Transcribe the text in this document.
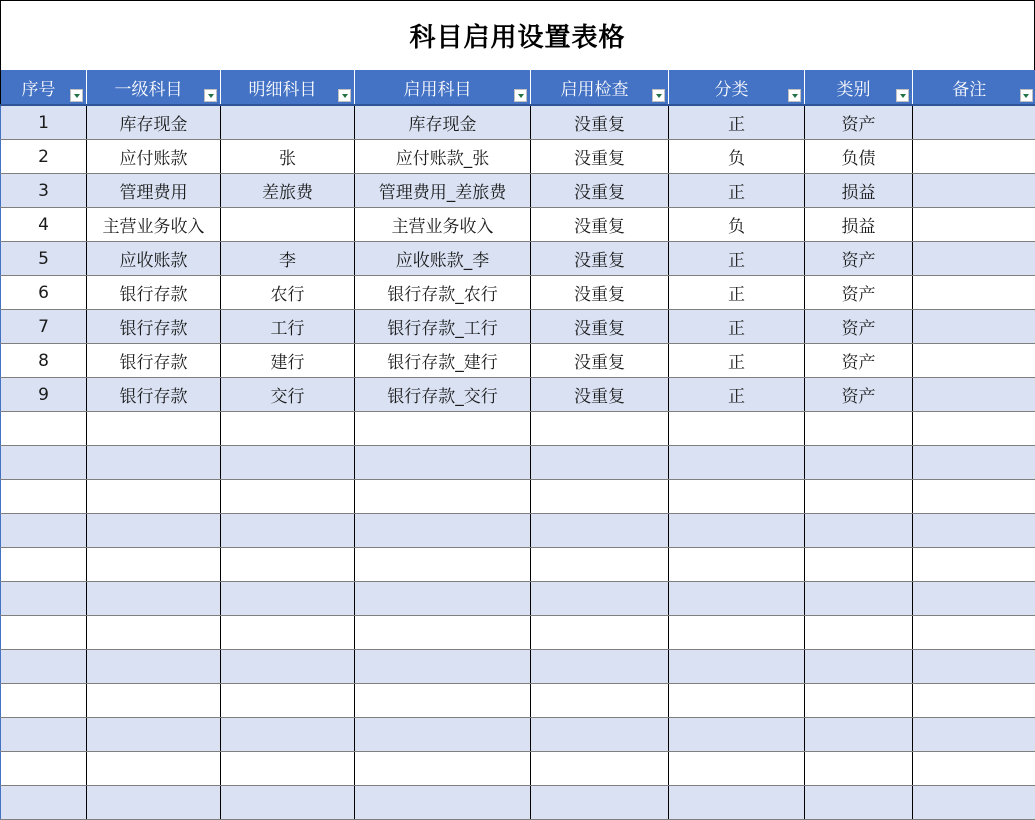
科目启用设置表格
序号	一级科目	明细科目	启用科目	启用检查	分类	类别	备注

1	库存现金		库存现金	没重复	正	资产	
2	应付账款	张	应付账款_张	没重复	负	负债	
3	管理费用	差旅费	管理费用_差旅费	没重复	正	损益	
4	主营业务收入		主营业务收入	没重复	负	损益	
5	应收账款	李	应收账款_李	没重复	正	资产	
6	银行存款	农行	银行存款_农行	没重复	正	资产	
7	银行存款	工行	银行存款_工行	没重复	正	资产	
8	银行存款	建行	银行存款_建行	没重复	正	资产	
9	银行存款	交行	银行存款_交行	没重复	正	资产	
